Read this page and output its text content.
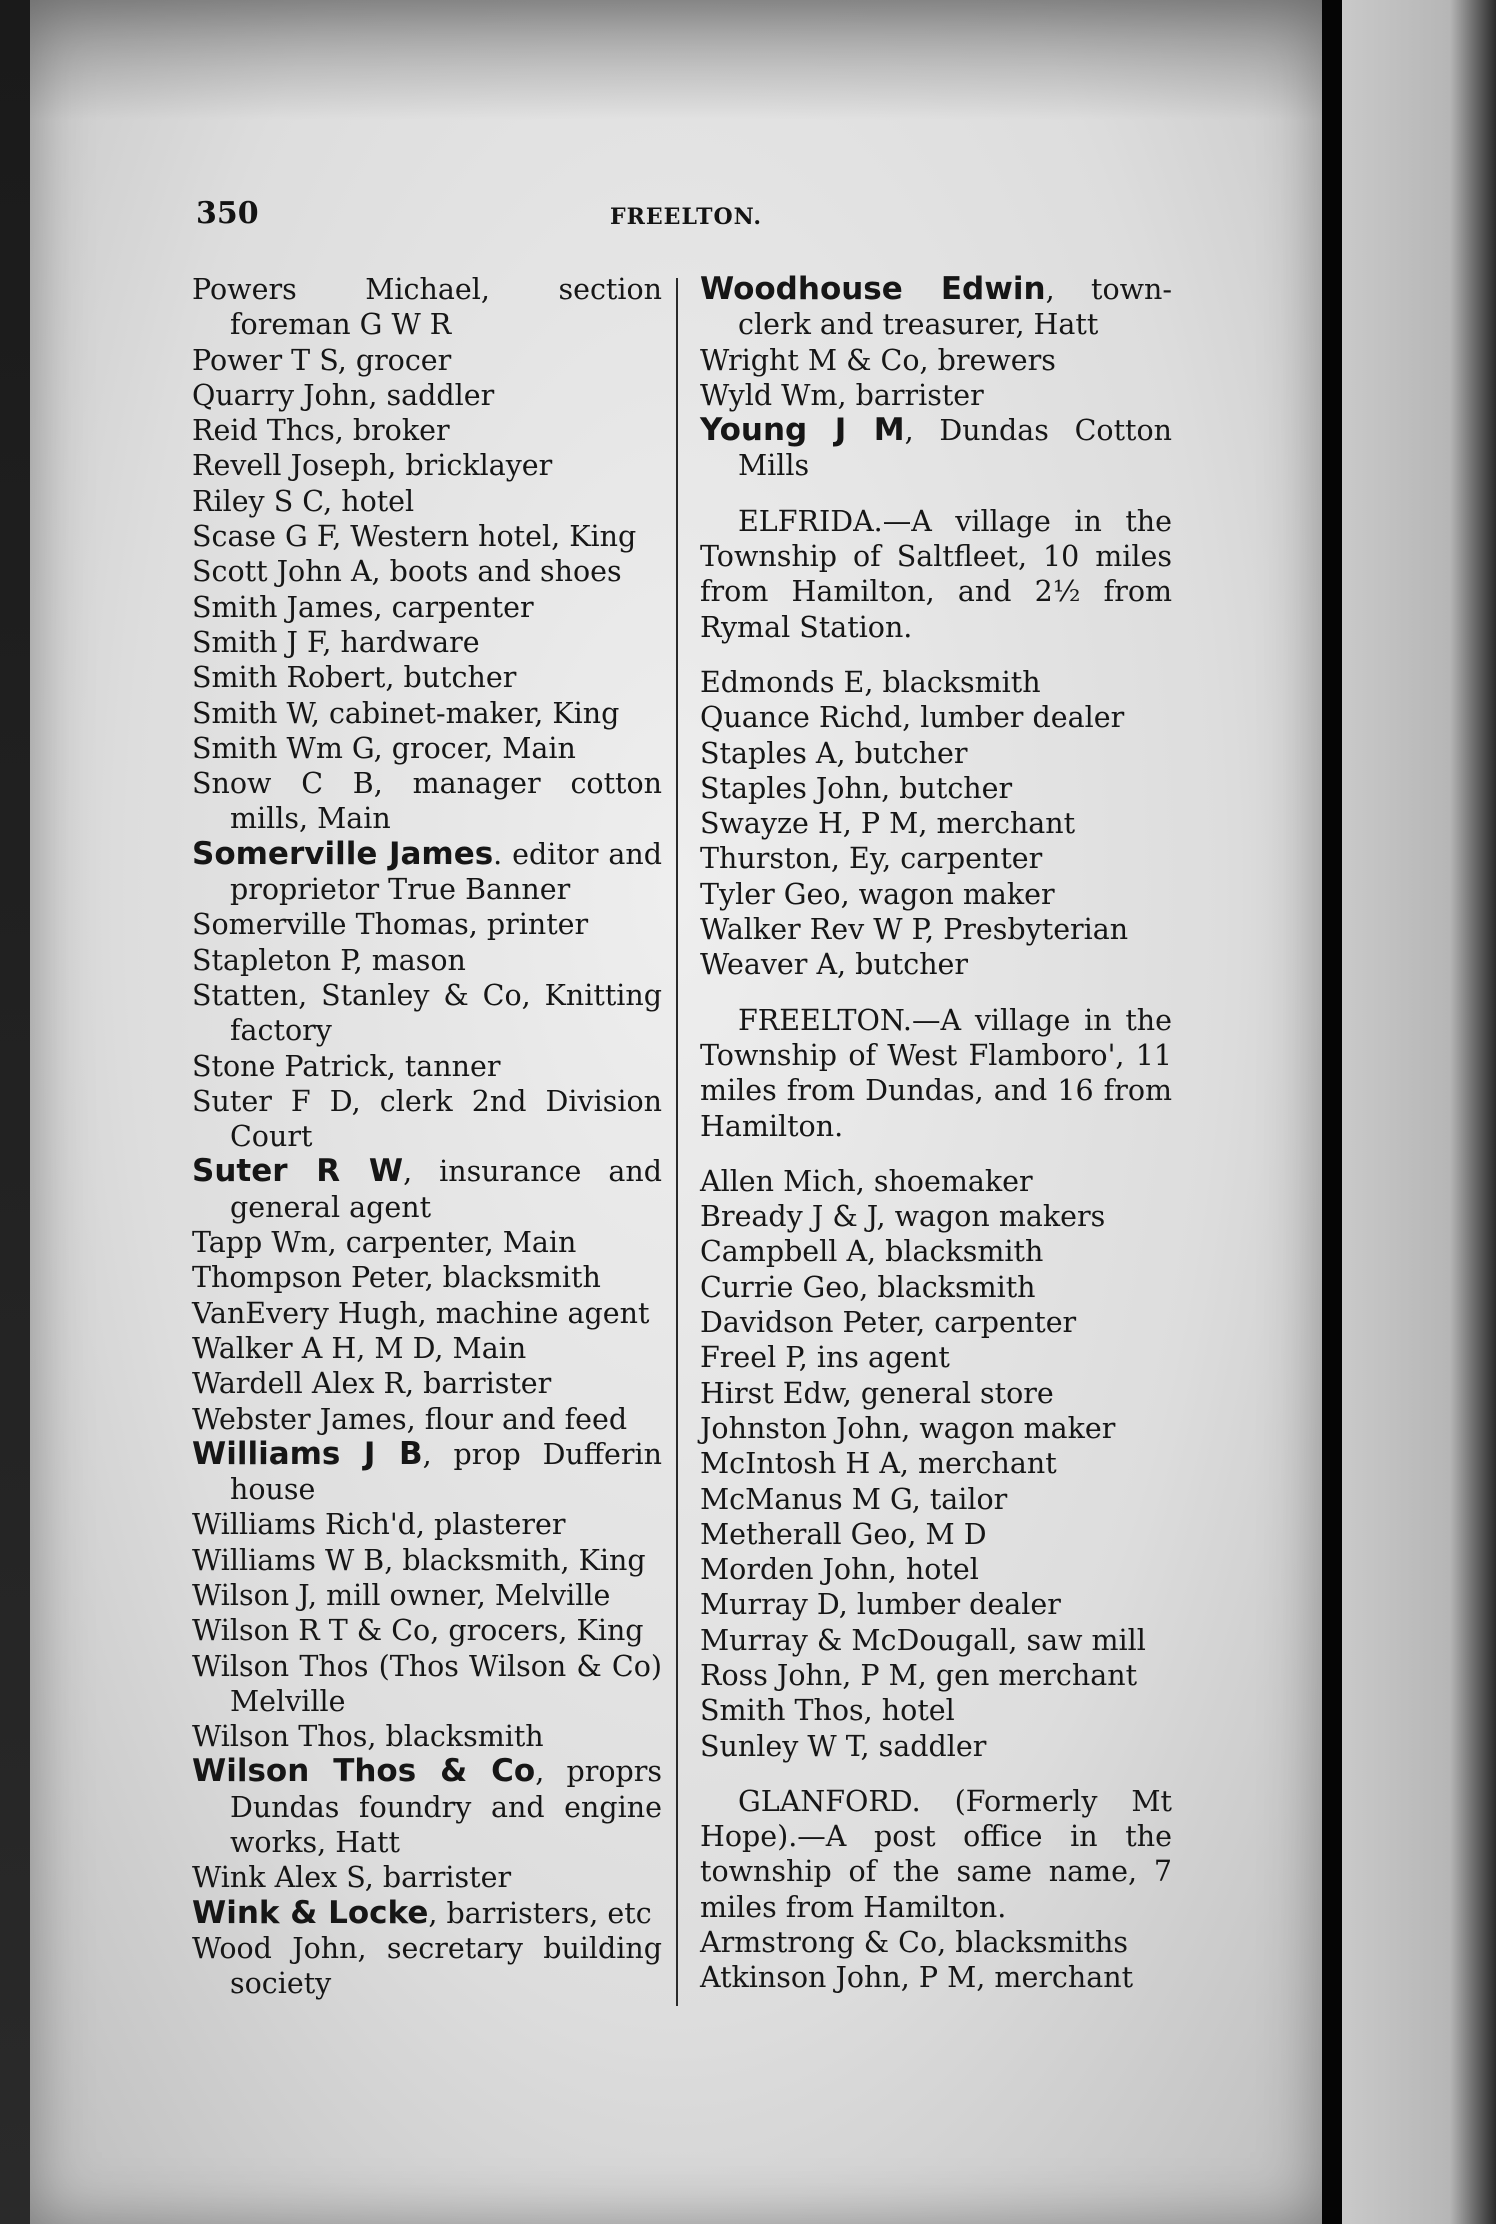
350	FREELTON.

Powers Michael, section foreman G W R

Power T S, grocer

Quarry John, saddler

Reid Thcs, broker

Revell Joseph, bricklayer

Riley S C, hotel

Scase G F, Western hotel, King

Scott John A, boots and shoes

Smith James, carpenter

Smith J F, hardware

Smith Robert, butcher

Smith W, cabinet-maker, King

Smith Wm G, grocer, Main

Snow C B, manager cotton mills, Main

Somerville James. editor and proprietor True Banner

Somerville Thomas, printer

Stapleton P, mason

Statten, Stanley & Co, Knitting factory

Stone Patrick, tanner

Suter F D, clerk 2nd Division Court

Suter R W, insurance and general agent

Tapp Wm, carpenter, Main

Thompson Peter, blacksmith

VanEvery Hugh, machine agent

Walker A H, M D, Main

Wardell Alex R, barrister

Webster James, flour and feed

Williams J B, prop Dufferin house

Williams Rich'd, plasterer

Williams W B, blacksmith, King

Wilson J, mill owner, Melville

Wilson R T & Co, grocers, King

Wilson Thos (Thos Wilson & Co) Melville

Wilson Thos, blacksmith

Wilson Thos & Co, proprs Dundas foundry and engine works, Hatt

Wink Alex S, barrister

Wink & Locke, barristers, etc

Wood John, secretary building society

Woodhouse Edwin, town-clerk and treasurer, Hatt

Wright M & Co, brewers

Wyld Wm, barrister

Young J M, Dundas Cotton Mills

ELFRIDA.—A village in the Township of Saltfleet, 10 miles from Hamilton, and 2½ from Rymal Station.

Edmonds E, blacksmith

Quance Richd, lumber dealer

Staples A, butcher

Staples John, butcher

Swayze H, P M, merchant

Thurston, Ey, carpenter

Tyler Geo, wagon maker

Walker Rev W P, Presbyterian

Weaver A, butcher

FREELTON.—A village in the Township of West Flamboro', 11 miles from Dundas, and 16 from Hamilton.

Allen Mich, shoemaker

Bready J & J, wagon makers

Campbell A, blacksmith

Currie Geo, blacksmith

Davidson Peter, carpenter

Freel P, ins agent

Hirst Edw, general store

Johnston John, wagon maker

McIntosh H A, merchant

McManus M G, tailor

Metherall Geo, M D

Morden John, hotel

Murray D, lumber dealer

Murray & McDougall, saw mill

Ross John, P M, gen merchant

Smith Thos, hotel

Sunley W T, saddler

GLANFORD. (Formerly Mt Hope).—A post office in the township of the same name, 7 miles from Hamilton.

Armstrong & Co, blacksmiths

Atkinson John, P M, merchant
